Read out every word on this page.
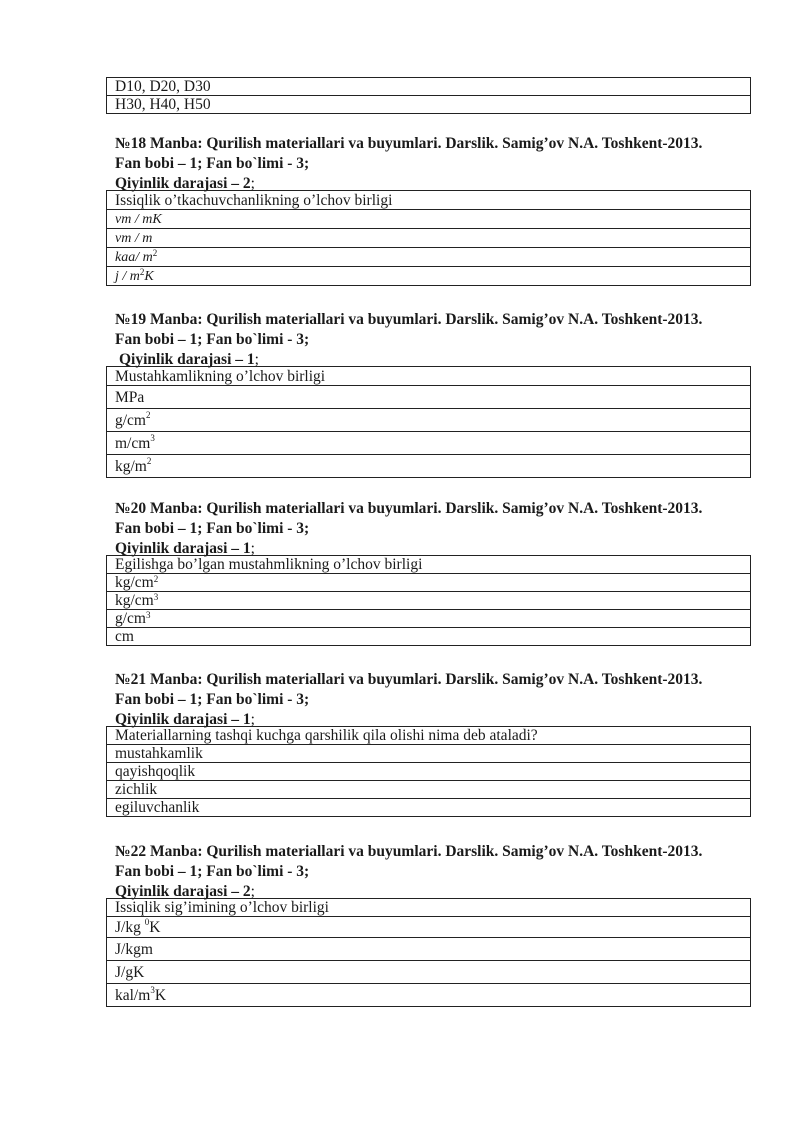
D10, D20, D30
H30, H40, H50
№18 Manba: Qurilish materiallari va buyumlari. Darslik. Samig’ov N.A. Toshkent-2013.
Fan bobi – 1; Fan bo`limi - 3;
Qiyinlik darajasi – 2;
Issiqlik o’tkachuvchanlikning o’lchov birligi
vm / mK
vm / m
kaa/ $m^2$
j / $m^2K$
№19 Manba: Qurilish materiallari va buyumlari. Darslik. Samig’ov N.A. Toshkent-2013.
Fan bobi – 1; Fan bo`limi - 3;
Qiyinlik darajasi – 1;
Mustahkamlikning o’lchov birligi
MPa
$g/cm^2$
$m/cm^3$
$kg/m^2$
№20 Manba: Qurilish materiallari va buyumlari. Darslik. Samig’ov N.A. Toshkent-2013.
Fan bobi – 1; Fan bo`limi - 3;
Qiyinlik darajasi – 1;
Egilishga bo’lgan mustahmlikning o’lchov birligi
$kg/cm^2$
$kg/cm^3$
$g/cm^3$
cm
№21 Manba: Qurilish materiallari va buyumlari. Darslik. Samig’ov N.A. Toshkent-2013.
Fan bobi – 1; Fan bo`limi - 3;
Qiyinlik darajasi – 1;
Materiallarning tashqi kuchga qarshilik qila olishi nima deb ataladi?
mustahkamlik
qayishqoqlik
zichlik
egiluvchanlik
№22 Manba: Qurilish materiallari va buyumlari. Darslik. Samig’ov N.A. Toshkent-2013.
Fan bobi – 1; Fan bo`limi - 3;
Qiyinlik darajasi – 2;
Issiqlik sig’imining o’lchov birligi
J/kg $^0$K
J/kgm
J/gK
kal/$m^3K$
